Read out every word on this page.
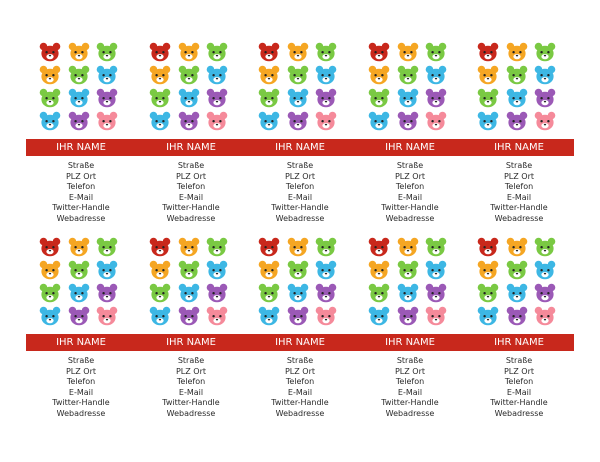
IHR NAME
Straße
PLZ Ort
Telefon
E-Mail
Twitter-Handle
Webadresse
IHR NAME
Straße
PLZ Ort
Telefon
E-Mail
Twitter-Handle
Webadresse
IHR NAME
Straße
PLZ Ort
Telefon
E-Mail
Twitter-Handle
Webadresse
IHR NAME
Straße
PLZ Ort
Telefon
E-Mail
Twitter-Handle
Webadresse
IHR NAME
Straße
PLZ Ort
Telefon
E-Mail
Twitter-Handle
Webadresse
IHR NAME
Straße
PLZ Ort
Telefon
E-Mail
Twitter-Handle
Webadresse
IHR NAME
Straße
PLZ Ort
Telefon
E-Mail
Twitter-Handle
Webadresse
IHR NAME
Straße
PLZ Ort
Telefon
E-Mail
Twitter-Handle
Webadresse
IHR NAME
Straße
PLZ Ort
Telefon
E-Mail
Twitter-Handle
Webadresse
IHR NAME
Straße
PLZ Ort
Telefon
E-Mail
Twitter-Handle
Webadresse
